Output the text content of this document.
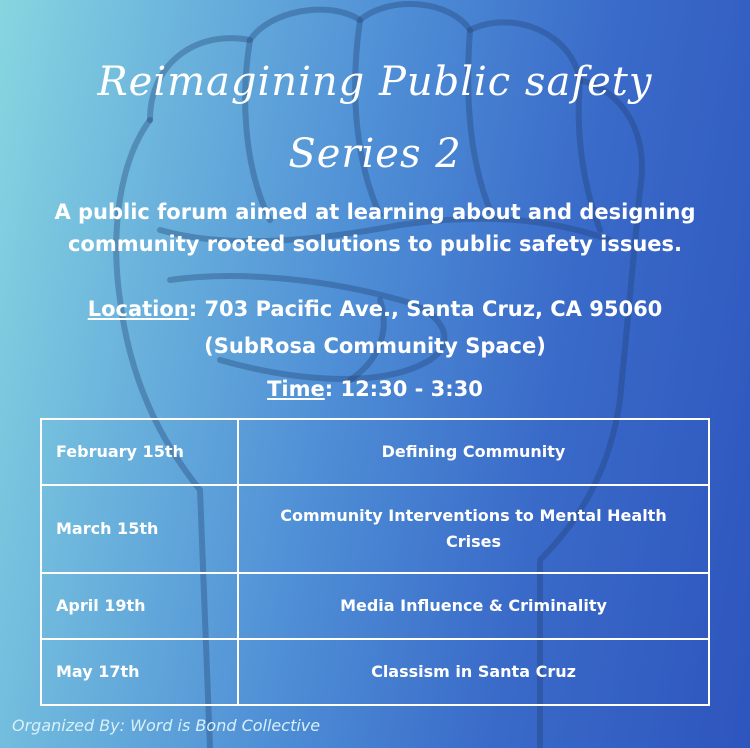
Reimagining Public safety
Series 2
A public forum aimed at learning about and designing community rooted solutions to public safety issues.
Location: 703 Pacific Ave., Santa Cruz, CA 95060
(SubRosa Community Space)
Time: 12:30 - 3:30
February 15th	Defining Community
March 15th	Community Interventions to Mental Health Crises
April 19th	Media Influence & Criminality
May 17th	Classism in Santa Cruz
Organized By: Word is Bond Collective
